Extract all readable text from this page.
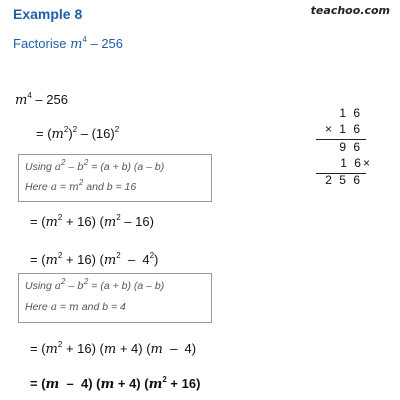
teachoo.com
Example 8
Factorise $m^4 - 256$
$m^4 - 256$
= $(m^2)^2 - (16)^2$
Using $a^2 - b^2 = (a + b)$ (a – b)
Here $a = m^2$ and b = 16
= $(m^2 + 16)$ $(m^2 - 16)$
= $(m^2 + 16)$ $(m^2 - 4^2)$
Using $a^2 - b^2 = (a + b)$ (a – b)
Here a = m and b = 4
= $(m^2 + 16) (m + 4)$ (m  –  4)
= (m  –  4) (m + 4) $(m^2 + 16)$
1 6
× 1 6
9 6
1 6×
2 5 6
